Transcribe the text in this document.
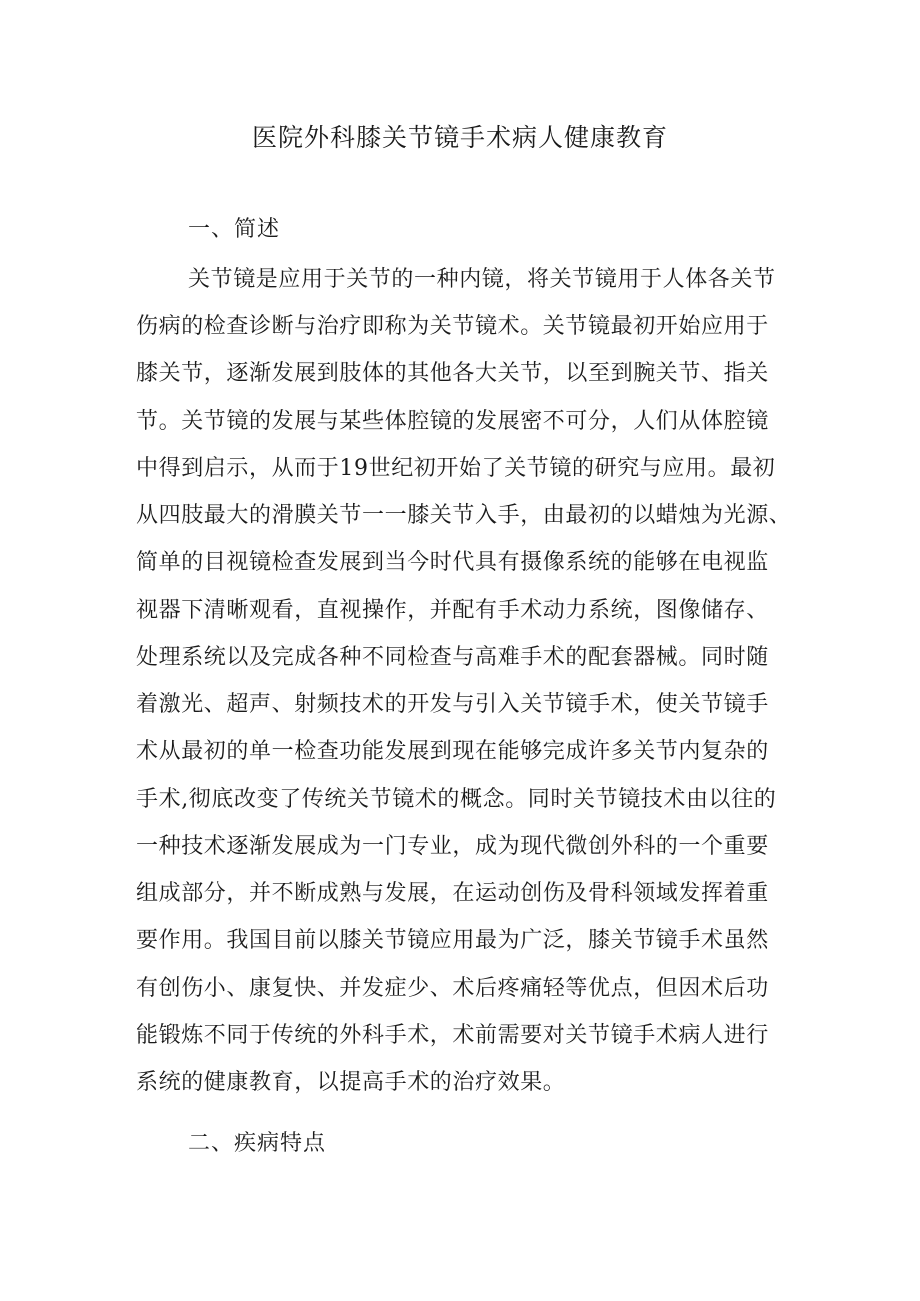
医院外科膝关节镜手术病人健康教育
一、简述
关节镜是应用于关节的一种内镜，将关节镜用于人体各关节
伤病的检查诊断与治疗即称为关节镜术。关节镜最初开始应用于
膝关节，逐渐发展到肢体的其他各大关节，以至到腕关节、指关
节。关节镜的发展与某些体腔镜的发展密不可分，人们从体腔镜
中得到启示，从而于19世纪初开始了关节镜的研究与应用。最初
从四肢最大的滑膜关节一一膝关节入手，由最初的以蜡烛为光源、
简单的目视镜检查发展到当今时代具有摄像系统的能够在电视监
视器下清晰观看，直视操作，并配有手术动力系统，图像储存、
处理系统以及完成各种不同检查与高难手术的配套器械。同时随
着激光、超声、射频技术的开发与引入关节镜手术，使关节镜手
术从最初的单一检查功能发展到现在能够完成许多关节内复杂的
手术,彻底改变了传统关节镜术的概念。同时关节镜技术由以往的
一种技术逐渐发展成为一门专业，成为现代微创外科的一个重要
组成部分，并不断成熟与发展，在运动创伤及骨科领域发挥着重
要作用。我国目前以膝关节镜应用最为广泛，膝关节镜手术虽然
有创伤小、康复快、并发症少、术后疼痛轻等优点，但因术后功
能锻炼不同于传统的外科手术，术前需要对关节镜手术病人进行
系统的健康教育，以提高手术的治疗效果。
二、疾病特点
